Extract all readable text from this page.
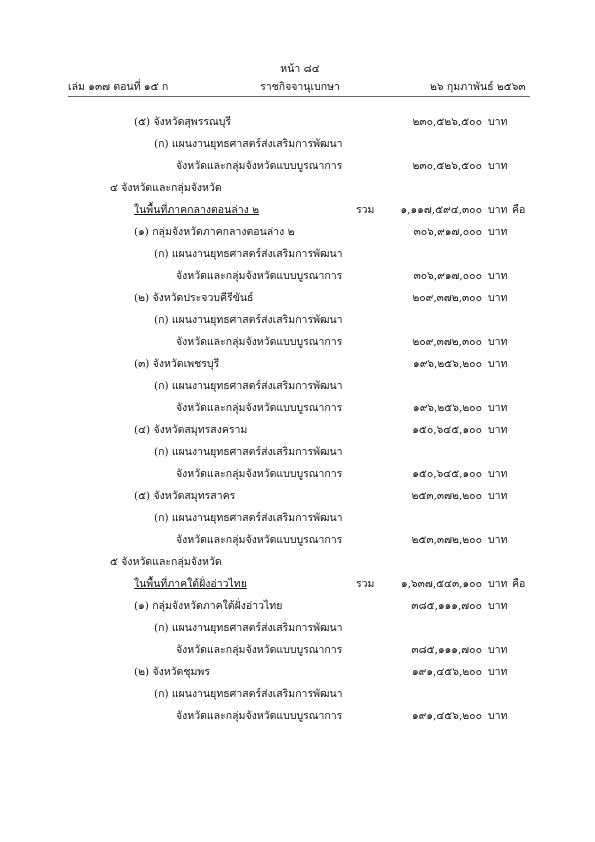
หน้า ๘๔
เล่ม ๑๓๗ ตอนที่ ๑๕ ก	ราชกิจจานุเบกษา	๒๖ กุมภาพันธ์ ๒๕๖๓
(๕) จังหวัดสุพรรณบุรี	๒๓๐,๕๒๖,๕๐๐ บาท
(ก) แผนงานยุทธศาสตร์ส่งเสริมการพัฒนา
จังหวัดและกลุ่มจังหวัดแบบบูรณาการ	๒๓๐,๕๒๖,๕๐๐ บาท
๔ จังหวัดและกลุ่มจังหวัด
ในพื้นที่ภาคกลางตอนล่าง ๒	รวม	๑,๑๑๗,๕๙๔,๓๐๐ บาท คือ
(๑) กลุ่มจังหวัดภาคกลางตอนล่าง ๒	๓๐๖,๙๑๗,๐๐๐ บาท
(ก) แผนงานยุทธศาสตร์ส่งเสริมการพัฒนา
จังหวัดและกลุ่มจังหวัดแบบบูรณาการ	๓๐๖,๙๑๗,๐๐๐ บาท
(๒) จังหวัดประจวบคีรีขันธ์	๒๐๙,๓๗๒,๓๐๐ บาท
(ก) แผนงานยุทธศาสตร์ส่งเสริมการพัฒนา
จังหวัดและกลุ่มจังหวัดแบบบูรณาการ	๒๐๙,๓๗๒,๓๐๐ บาท
(๓) จังหวัดเพชรบุรี	๑๙๖,๒๕๖,๒๐๐ บาท
(ก) แผนงานยุทธศาสตร์ส่งเสริมการพัฒนา
จังหวัดและกลุ่มจังหวัดแบบบูรณาการ	๑๙๖,๒๕๖,๒๐๐ บาท
(๔) จังหวัดสมุทรสงคราม	๑๕๐,๖๔๕,๑๐๐ บาท
(ก) แผนงานยุทธศาสตร์ส่งเสริมการพัฒนา
จังหวัดและกลุ่มจังหวัดแบบบูรณาการ	๑๕๐,๖๔๕,๑๐๐ บาท
(๕) จังหวัดสมุทรสาคร	๒๕๓,๓๗๒,๒๐๐ บาท
(ก) แผนงานยุทธศาสตร์ส่งเสริมการพัฒนา
จังหวัดและกลุ่มจังหวัดแบบบูรณาการ	๒๕๓,๓๗๒,๒๐๐ บาท
๕ จังหวัดและกลุ่มจังหวัด
ในพื้นที่ภาคใต้ฝั่งอ่าวไทย	รวม	๑,๖๓๗,๕๔๓,๑๐๐ บาท คือ
(๑) กลุ่มจังหวัดภาคใต้ฝั่งอ่าวไทย	๓๘๕,๑๑๑,๗๐๐ บาท
(ก) แผนงานยุทธศาสตร์ส่งเสริมการพัฒนา
จังหวัดและกลุ่มจังหวัดแบบบูรณาการ	๓๘๕,๑๑๑,๗๐๐ บาท
(๒) จังหวัดชุมพร	๑๙๑,๔๕๖,๒๐๐ บาท
(ก) แผนงานยุทธศาสตร์ส่งเสริมการพัฒนา
จังหวัดและกลุ่มจังหวัดแบบบูรณาการ	๑๙๑,๔๕๖,๒๐๐ บาท
